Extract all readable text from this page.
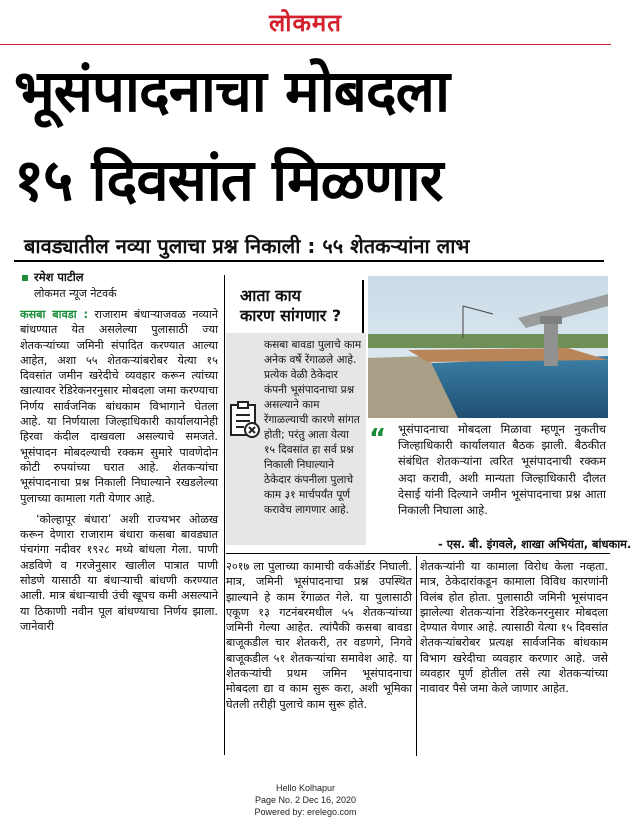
लोकमत
भूसंपादनाचा मोबदला
१५ दिवसांत मिळणार
बावड्यातील नव्या पुलाचा प्रश्न निकाली : ५५ शेतकऱ्यांना लाभ
रमेश पाटील
लोकमत न्यूज नेटवर्क

कसबा बावडा : राजाराम बंधाऱ्याजवळ नव्याने बांधण्यात येत असलेल्या पुलासाठी ज्या शेतकऱ्यांच्या जमिनी संपादित करण्यात आल्या आहेत, अशा ५५ शेतकऱ्यांबरोबर येत्या १५ दिवसांत जमीन खरेदीचे व्यवहार करून त्यांच्या खात्यावर रेडिरेकनरनुसार मोबदला जमा करण्याचा निर्णय सार्वजनिक बांधकाम विभागाने घेतला आहे. या निर्णयाला जिल्हाधिकारी कार्यालयानेही हिरवा कंदील दाखवला असल्याचे समजते. भूसंपादन मोबदल्याची रक्कम सुमारे पावणेदोन कोटी रुपयांच्या घरात आहे. शेतकऱ्यांचा भूसंपादनाचा प्रश्न निकाली निघाल्याने रखडलेल्या पुलाच्या कामाला गती येणार आहे.

‘कोल्हापूर बंधारा’ अशी राज्यभर ओळख करून देणारा राजाराम बंधारा कसबा बावड्यात पंचगंगा नदीवर १९२८ मध्ये बांधला गेला. पाणी अडविणे व गरजेनुसार खालील पात्रात पाणी सोडणे यासाठी या बंधाऱ्याची बांधणी करण्यात आली. मात्र बंधाऱ्याची उंची खूपच कमी असल्याने या ठिकाणी नवीन पूल बांधण्याचा निर्णय झाला. जानेवारी

आता काय
कारण सांगणार ?
कसबा बावडा पुलाचे काम अनेक वर्षे रेंगाळले आहे. प्रत्येक वेळी ठेकेदार कंपनी भूसंपादनाचा प्रश्न असल्याने काम रेंगाळल्याची कारणे सांगत होती; परंतु आता येत्या १५ दिवसांत हा सर्व प्रश्न निकाली निघाल्याने ठेकेदार कंपनीला पुलाचे काम ३१ मार्चपर्यंत पूर्ण करावेच लागणार आहे.
“ भूसंपादनाचा मोबदला मिळावा म्हणून नुकतीच जिल्हाधिकारी कार्यालयात बैठक झाली. बैठकीत संबंधित शेतकऱ्यांना त्वरित भूसंपादनाची रक्कम अदा करावी, अशी मान्यता जिल्हाधिकारी दौलत देसाई यांनी दिल्याने जमीन भूसंपादनाचा प्रश्न आता निकाली निघाला आहे.
- एस. बी. इंगवले, शाखा अभियंता, बांधकाम.
२०१७ ला पुलाच्या कामाची वर्कऑर्डर निघाली. मात्र, जमिनी भूसंपादनाचा प्रश्न उपस्थित झाल्याने हे काम रेंगाळत गेले. या पुलासाठी एकूण १३ गटनंबरमधील ५५ शेतकऱ्यांच्या जमिनी गेल्या आहेत. त्यांपैकी कसबा बावडा बाजूकडील चार शेतकरी, तर वडणगे, निगवे बाजूकडील ५१ शेतकऱ्यांचा समावेश आहे. या शेतकऱ्यांची प्रथम जमिन भूसंपादनाचा मोबदला द्या व काम सुरू करा, अशी भूमिका घेतली तरीही पुलाचे काम सुरू होते.
शेतकऱ्यांनी या कामाला विरोध केला नव्हता. मात्र, ठेकेदारांकडून कामाला विविध कारणांनी विलंब होत होता. पुलासाठी जमिनी भूसंपादन झालेल्या शेतकऱ्यांना रेडिरेकनरनुसार मोबदला देण्यात येणार आहे. त्यासाठी येत्या १५ दिवसांत शेतकऱ्यांबरोबर प्रत्यक्ष सार्वजनिक बांधकाम विभाग खरेदीचा व्यवहार करणार आहे. जसे व्यवहार पूर्ण होतील तसे त्या शेतकऱ्यांच्या नावावर पैसे जमा केले जाणार आहेत.
Hello Kolhapur
Page No. 2 Dec 16, 2020
Powered by: erelego.com
